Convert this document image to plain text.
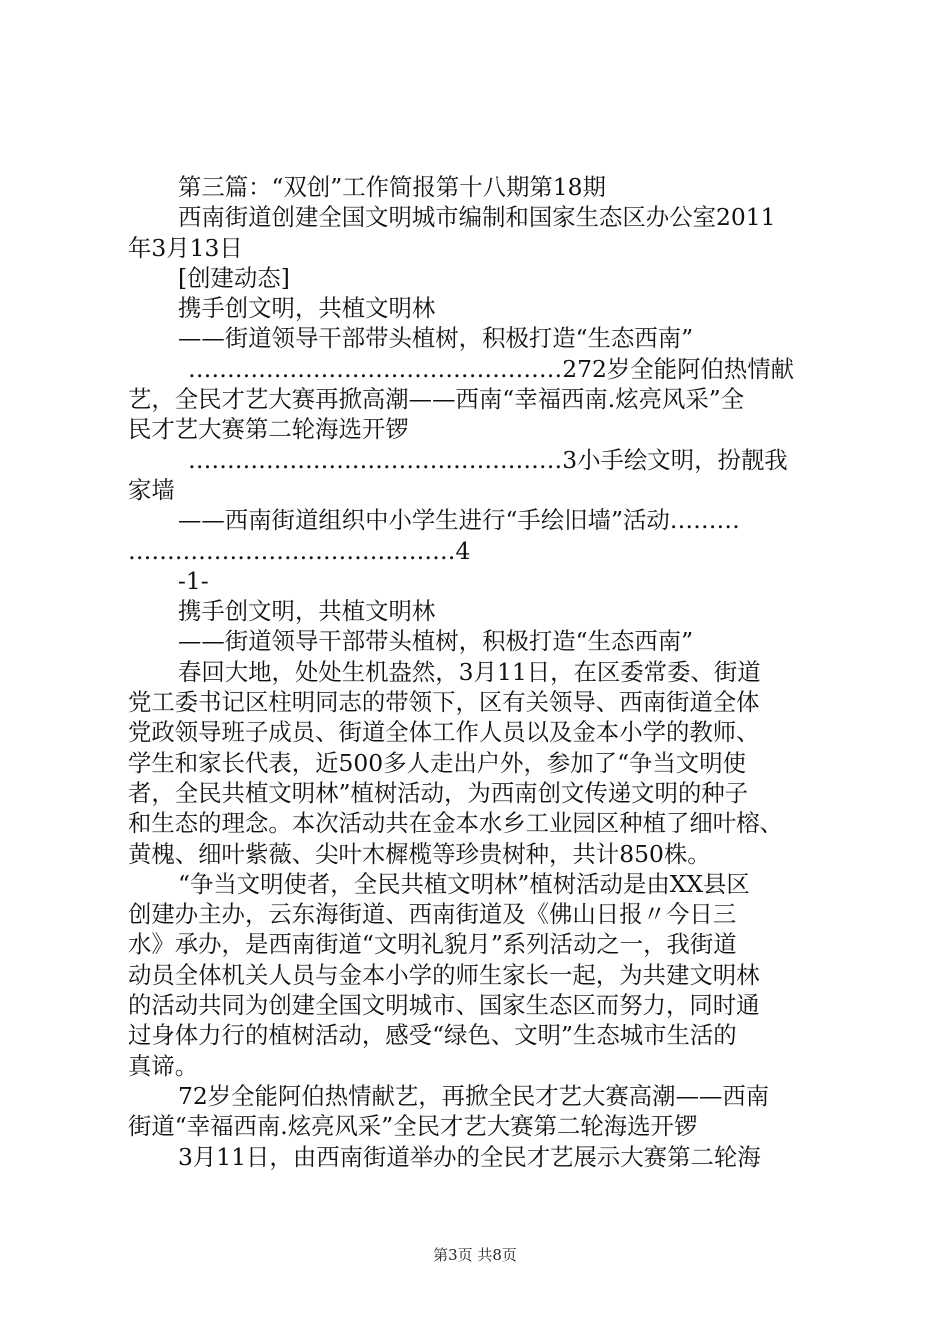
第三篇：“双创”工作简报第十八期第18期
西南街道创建全国文明城市编制和国家生态区办公室2011
年3月13日
[创建动态]
携手创文明，共植文明林
——街道领导干部带头植树，积极打造“生态西南”
…………………………………………272岁全能阿伯热情献
艺，全民才艺大赛再掀高潮——西南“幸福西南.炫亮风采”全
民才艺大赛第二轮海选开锣
…………………………………………3小手绘文明，扮靓我
家墙
——西南街道组织中小学生进行“手绘旧墙”活动………
……………………………………4
-1-
携手创文明，共植文明林
——街道领导干部带头植树，积极打造“生态西南”
春回大地，处处生机盎然，3月11日，在区委常委、街道
党工委书记区柱明同志的带领下，区有关领导、西南街道全体
党政领导班子成员、街道全体工作人员以及金本小学的教师、
学生和家长代表，近500多人走出户外，参加了“争当文明使
者，全民共植文明林”植树活动，为西南创文传递文明的种子
和生态的理念。本次活动共在金本水乡工业园区种植了细叶榕、
黄槐、细叶紫薇、尖叶木樨榄等珍贵树种，共计850株。
“争当文明使者，全民共植文明林”植树活动是由XX县区
创建办主办，云东海街道、西南街道及《佛山日报〃今日三
水》承办，是西南街道“文明礼貌月”系列活动之一，我街道
动员全体机关人员与金本小学的师生家长一起，为共建文明林
的活动共同为创建全国文明城市、国家生态区而努力，同时通
过身体力行的植树活动，感受“绿色、文明”生态城市生活的
真谛。
72岁全能阿伯热情献艺，再掀全民才艺大赛高潮——西南
街道“幸福西南.炫亮风采”全民才艺大赛第二轮海选开锣
3月11日，由西南街道举办的全民才艺展示大赛第二轮海
第3页 共8页
